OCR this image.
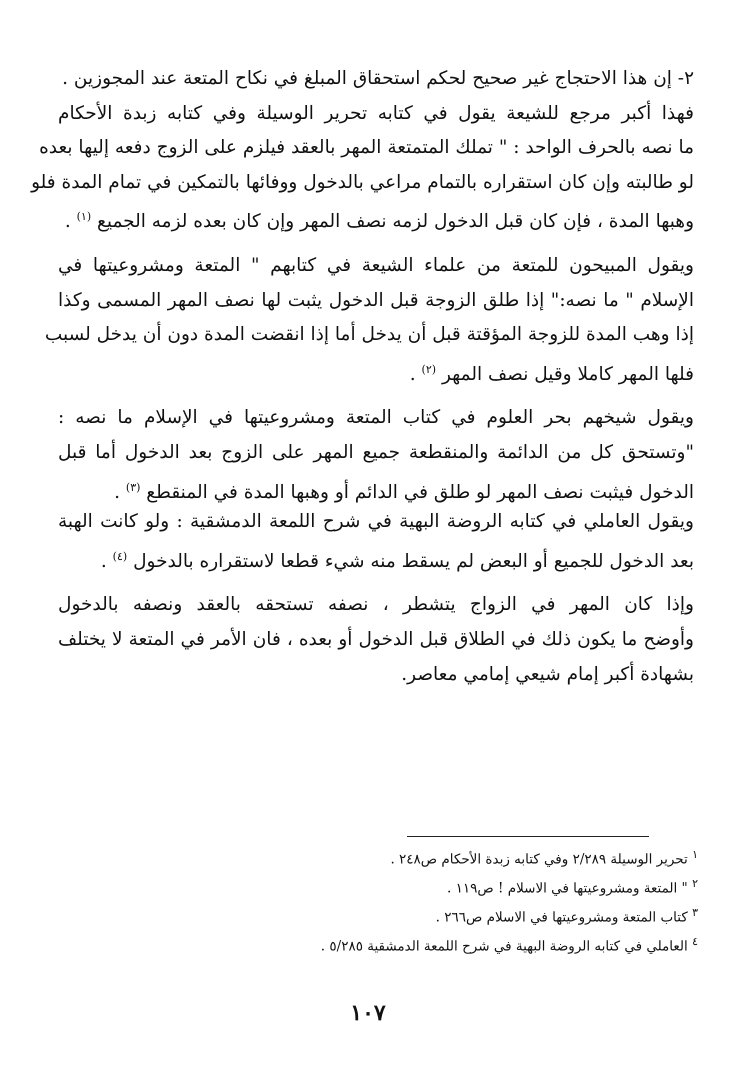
٢- إن هذا الاحتجاج غير صحيح لحكم استحقاق المبلغ في نكاح المتعة عند المجوزين .
فهذا أكبر مرجع للشيعة يقول في كتابه تحرير الوسيلة وفي كتابه زبدة الأحكام
ما نصه بالحرف الواحد : " تملك المتمتعة المهر بالعقد فيلزم على الزوج دفعه إليها بعده
لو طالبته وإن كان استقراره بالتمام مراعي بالدخول ووفائها بالتمكين في تمام المدة فلو
وهبها المدة ، فإن كان قبل الدخول لزمه نصف المهر وإن كان بعده لزمه الجميع $^{(١)}$ .
ويقول المبيحون للمتعة من علماء الشيعة في كتابهم " المتعة ومشروعيتها في
الإسلام " ما نصه:" إذا طلق الزوجة قبل الدخول يثبت لها نصف المهر المسمى وكذا
إذا وهب المدة للزوجة المؤقتة قبل أن يدخل أما إذا انقضت المدة دون أن يدخل لسبب
فلها المهر كاملا وقيل نصف المهر $^{(٢)}$ .
ويقول شيخهم بحر العلوم في كتاب المتعة ومشروعيتها في الإسلام ما نصه :
"وتستحق كل من الدائمة والمنقطعة جميع المهر على الزوج بعد الدخول أما قبل
الدخول فيثبت نصف المهر لو طلق في الدائم أو وهبها المدة في المنقطع $^{(٣)}$ .
ويقول العاملي في كتابه الروضة البهية في شرح اللمعة الدمشقية : ولو كانت الهبة
بعد الدخول للجميع أو البعض لم يسقط منه شيء قطعا لاستقراره بالدخول $^{(٤)}$ .
وإذا كان المهر في الزواج يتشطر ، نصفه تستحقه بالعقد ونصفه بالدخول
وأوضح ما يكون ذلك في الطلاق قبل الدخول أو بعده ، فان الأمر في المتعة لا يختلف
بشهادة أكبر إمام شيعي إمامي معاصر.
$^١$ تحرير الوسيلة ٢/٢٨٩ وفي كتابه زبدة الأحكام ص٢٤٨ .
$^٢$ " المتعة ومشروعيتها في الاسلام ! ص١١٩ .
$^٣$ كتاب المتعة ومشروعيتها في الاسلام ص٢٦٦ .
$^٤$ العاملي في كتابه الروضة البهية في شرح اللمعة الدمشقية ٥/٢٨٥ .
١٠٧
